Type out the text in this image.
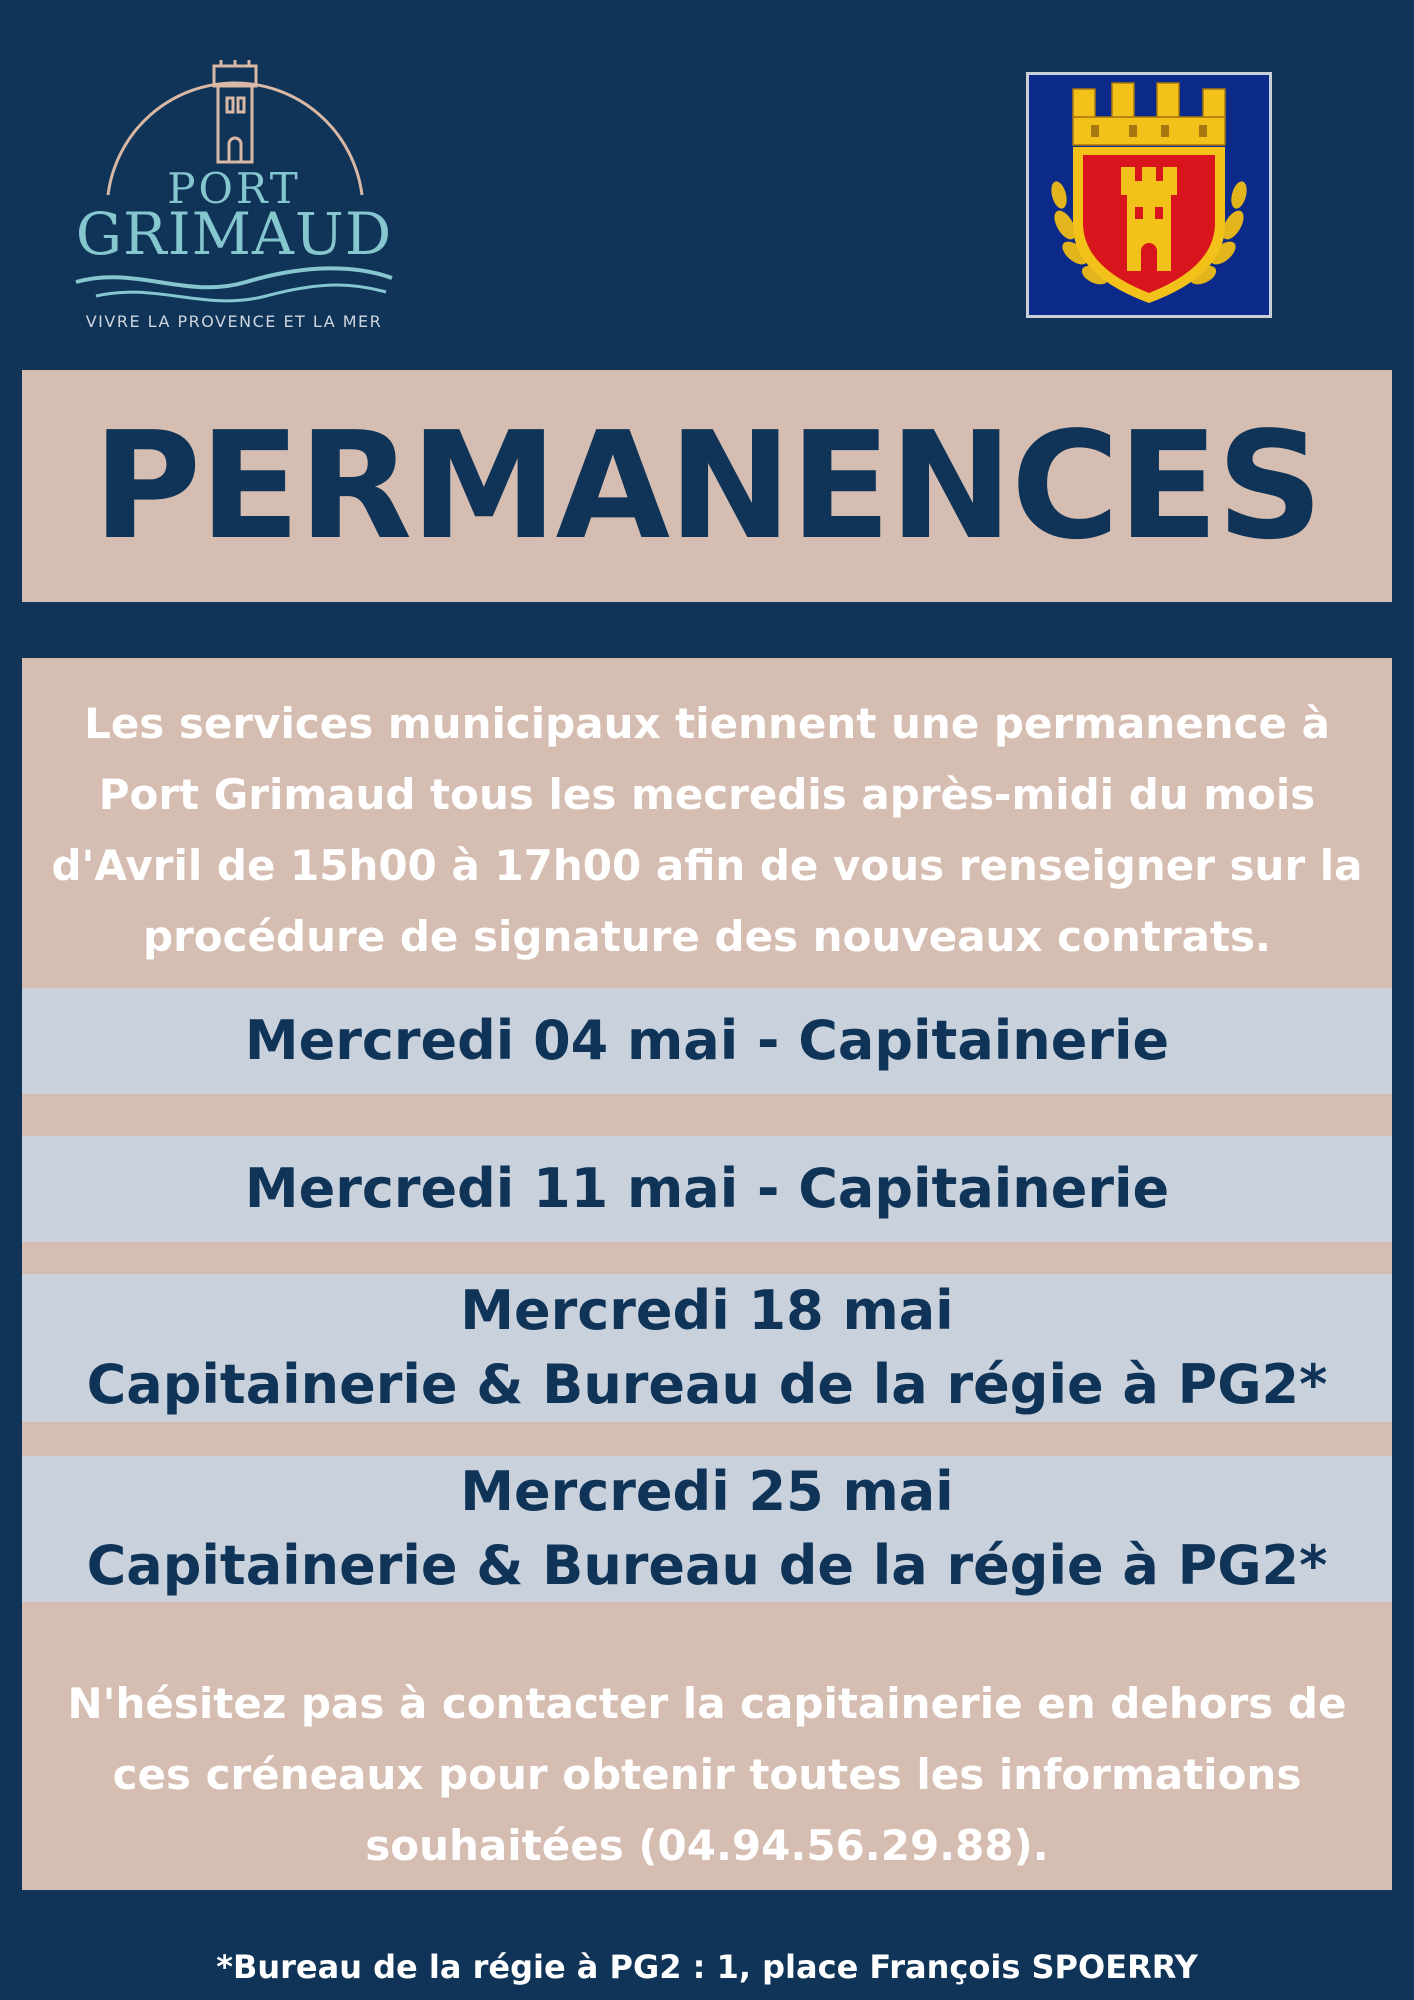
PORT
GRIMAUD
VIVRE LA PROVENCE ET LA MER
PERMANENCES
Les services municipaux tiennent une permanence à
Port Grimaud tous les mecredis après-midi du mois
d'Avril de 15h00 à 17h00 afin de vous renseigner sur la
procédure de signature des nouveaux contrats.
Mercredi 04 mai - Capitainerie
Mercredi 11 mai - Capitainerie
Mercredi 18 mai
Capitainerie & Bureau de la régie à PG2*
Mercredi 25 mai
Capitainerie & Bureau de la régie à PG2*
N'hésitez pas à contacter la capitainerie en dehors de
ces créneaux pour obtenir toutes les informations
souhaitées (04.94.56.29.88).
*Bureau de la régie à PG2 : 1, place François SPOERRY
